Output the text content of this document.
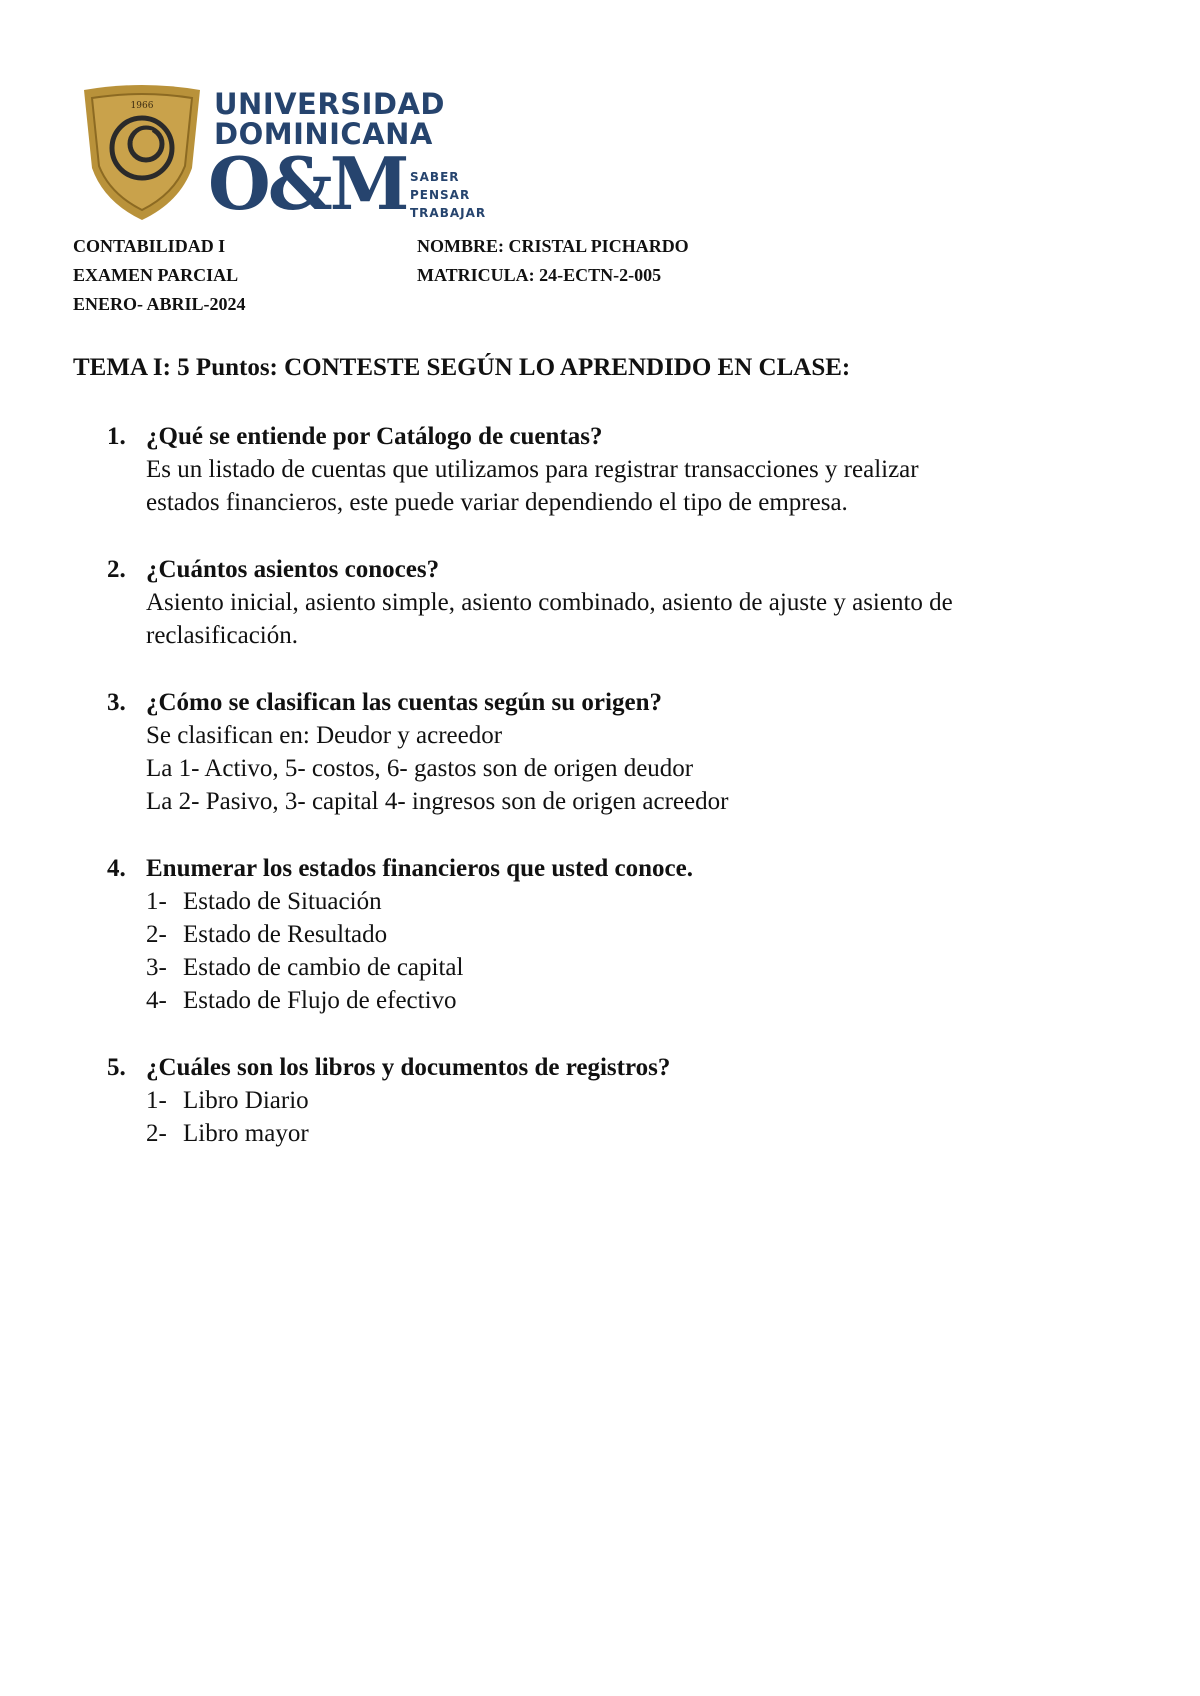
1966 UNIVERSIDAD
DOMINICANA
O&M SABER
PENSAR
TRABAJAR
CONTABILIDAD I
EXAMEN PARCIAL
ENERO- ABRIL-2024
NOMBRE: CRISTAL PICHARDO
MATRICULA: 24-ECTN-2-005
TEMA I: 5 Puntos: CONTESTE SEGÚN LO APRENDIDO EN CLASE:
1. ¿Qué se entiende por Catálogo de cuentas?
Es un listado de cuentas que utilizamos para registrar transacciones y realizar
estados financieros, este puede variar dependiendo el tipo de empresa.
2. ¿Cuántos asientos conoces?
Asiento inicial, asiento simple, asiento combinado, asiento de ajuste y asiento de
reclasificación.
3. ¿Cómo se clasifican las cuentas según su origen?
Se clasifican en: Deudor y acreedor
La 1- Activo, 5- costos, 6- gastos son de origen deudor
La 2- Pasivo, 3- capital 4- ingresos son de origen acreedor
4. Enumerar los estados financieros que usted conoce.
1- Estado de Situación
2- Estado de Resultado
3- Estado de cambio de capital
4- Estado de Flujo de efectivo
5. ¿Cuáles son los libros y documentos de registros?
1- Libro Diario
2- Libro mayor
